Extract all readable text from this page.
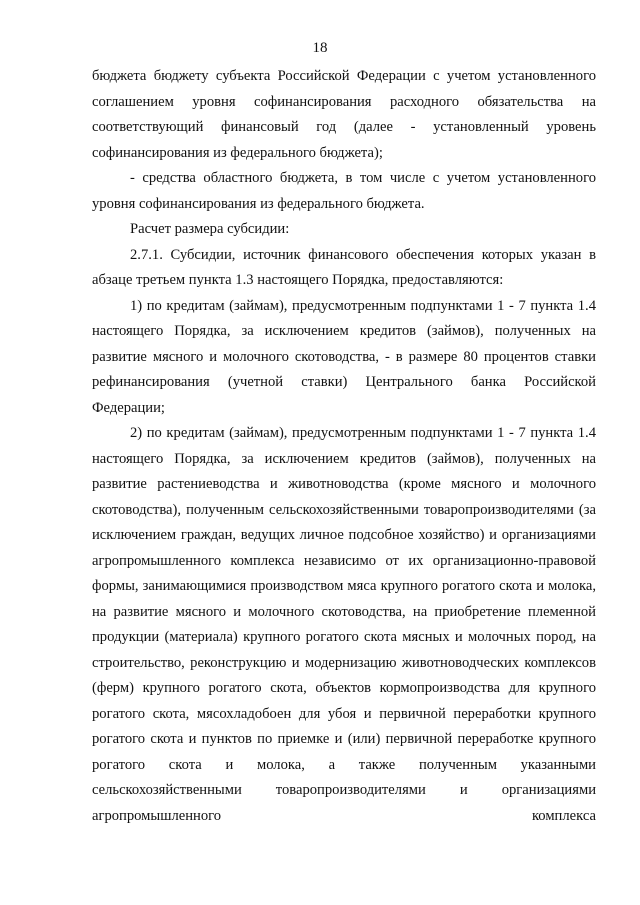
18

бюджета бюджету субъекта Российской Федерации с учетом установленного соглашением уровня софинансирования расходного обязательства на соответствующий финансовый год (далее - установленный уровень софинансирования из федерального бюджета);

- средства областного бюджета, в том числе с учетом установленного уровня софинансирования из федерального бюджета.

Расчет размера субсидии:

2.7.1. Субсидии, источник финансового обеспечения которых указан в абзаце третьем пункта 1.3 настоящего Порядка, предоставляются:

1) по кредитам (займам), предусмотренным подпунктами 1 - 7 пункта 1.4 настоящего Порядка, за исключением кредитов (займов), полученных на развитие мясного и молочного скотоводства, - в размере 80 процентов ставки рефинансирования (учетной ставки) Центрального банка Российской Федерации;

2) по кредитам (займам), предусмотренным подпунктами 1 - 7 пункта 1.4 настоящего Порядка, за исключением кредитов (займов), полученных на развитие растениеводства и животноводства (кроме мясного и молочного скотоводства), полученным сельскохозяйственными товаропроизводителями (за исключением граждан, ведущих личное подсобное хозяйство) и организациями агропромышленного комплекса независимо от их организационно-правовой формы, занимающимися производством мяса крупного рогатого скота и молока, на развитие мясного и молочного скотоводства, на приобретение племенной продукции (материала) крупного рогатого скота мясных и молочных пород, на строительство, реконструкцию и модернизацию животноводческих комплексов (ферм) крупного рогатого скота, объектов кормопроизводства для крупного рогатого скота, мясохладобоен для убоя и первичной переработки крупного рогатого скота и пунктов по приемке и (или) первичной переработке крупного рогатого скота и молока, а также полученным указанными сельскохозяйственными товаропроизводителями и организациями агропромышленного комплекса
